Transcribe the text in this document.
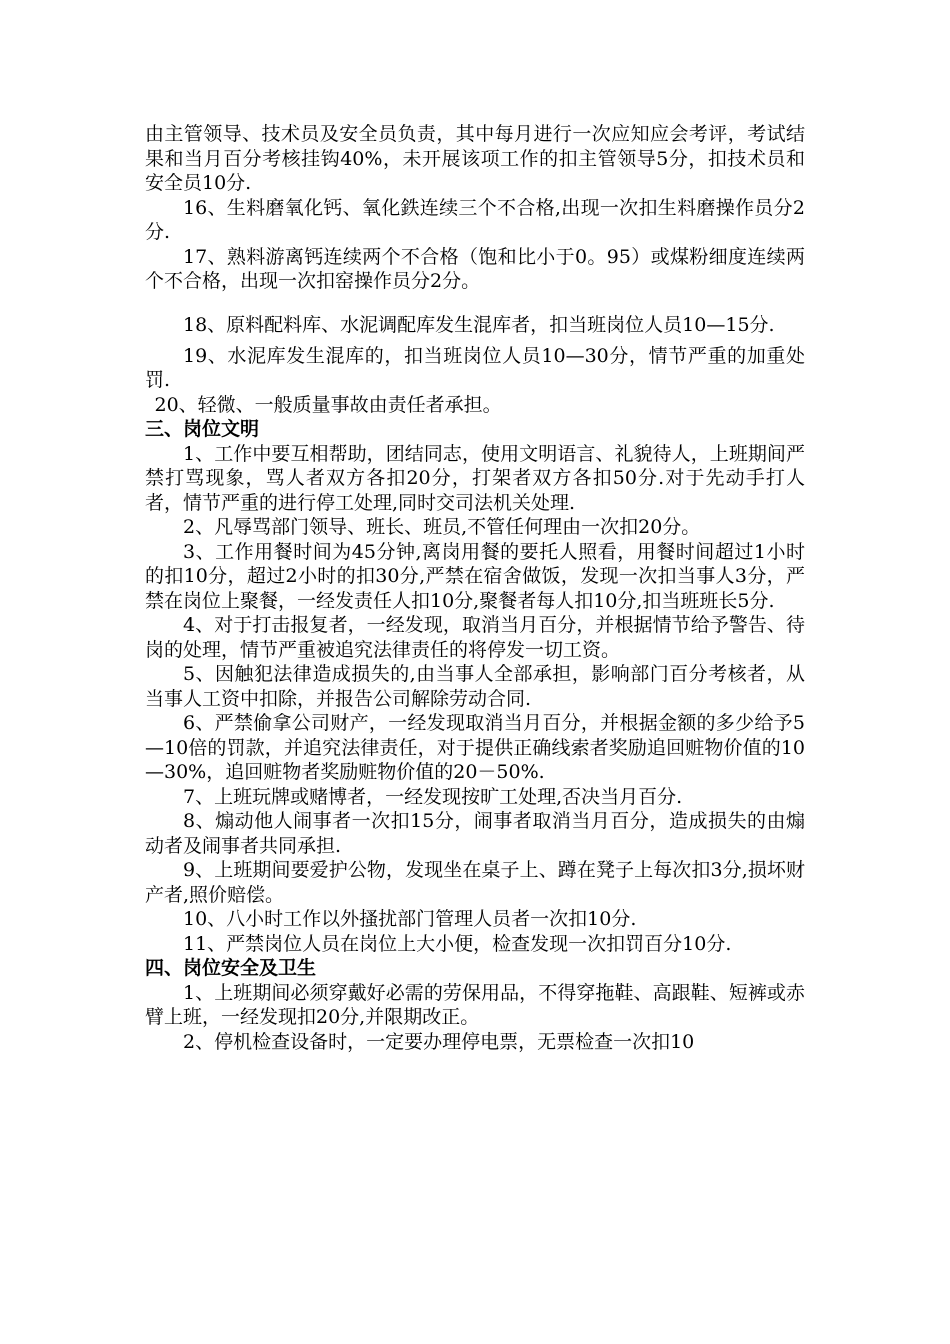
由主管领导、技术员及安全员负责，其中每月进行一次应知应会考评，考试结果和当月百分考核挂钩40%，未开展该项工作的扣主管领导5分，扣技术员和安全员10分.

16、生料磨氧化钙、氧化鉄连续三个不合格,出现一次扣生料磨操作员分2分.

17、熟料游离钙连续两个不合格（饱和比小于0。95）或煤粉细度连续两个不合格，出现一次扣窑操作员分2分。

18、原料配料库、水泥调配库发生混库者，扣当班岗位人员10—15分.

19、水泥库发生混库的，扣当班岗位人员10—30分，情节严重的加重处罚.

20、轻微、一般质量事故由责任者承担。

三、岗位文明

1、工作中要互相帮助，团结同志，使用文明语言、礼貌待人，上班期间严禁打骂现象，骂人者双方各扣20分，打架者双方各扣50分.对于先动手打人者，情节严重的进行停工处理,同时交司法机关处理.

2、凡辱骂部门领导、班长、班员,不管任何理由一次扣20分。

3、工作用餐时间为45分钟,离岗用餐的要托人照看，用餐时间超过1小时的扣10分，超过2小时的扣30分,严禁在宿舍做饭，发现一次扣当事人3分，严禁在岗位上聚餐，一经发责任人扣10分,聚餐者每人扣10分,扣当班班长5分.

4、对于打击报复者，一经发现，取消当月百分，并根据情节给予警告、待岗的处理，情节严重被追究法律责任的将停发一切工资。

5、因触犯法律造成损失的,由当事人全部承担，影响部门百分考核者，从当事人工资中扣除，并报告公司解除劳动合同.

6、严禁偷拿公司财产，一经发现取消当月百分，并根据金额的多少给予5—10倍的罚款，并追究法律责任，对于提供正确线索者奖励追回赃物价值的10—30%，追回赃物者奖励赃物价值的20－50%.

7、上班玩牌或赌博者，一经发现按旷工处理,否决当月百分.

8、煽动他人闹事者一次扣15分，闹事者取消当月百分，造成损失的由煽动者及闹事者共同承担.

9、上班期间要爱护公物，发现坐在桌子上、蹲在凳子上每次扣3分,损坏财产者,照价赔偿。

10、八小时工作以外搔扰部门管理人员者一次扣10分.

11、严禁岗位人员在岗位上大小便，检查发现一次扣罚百分10分.

四、岗位安全及卫生

1、上班期间必须穿戴好必需的劳保用品，不得穿拖鞋、高跟鞋、短裤或赤臂上班，一经发现扣20分,并限期改正。

2、停机检查设备时，一定要办理停电票，无票检查一次扣10
